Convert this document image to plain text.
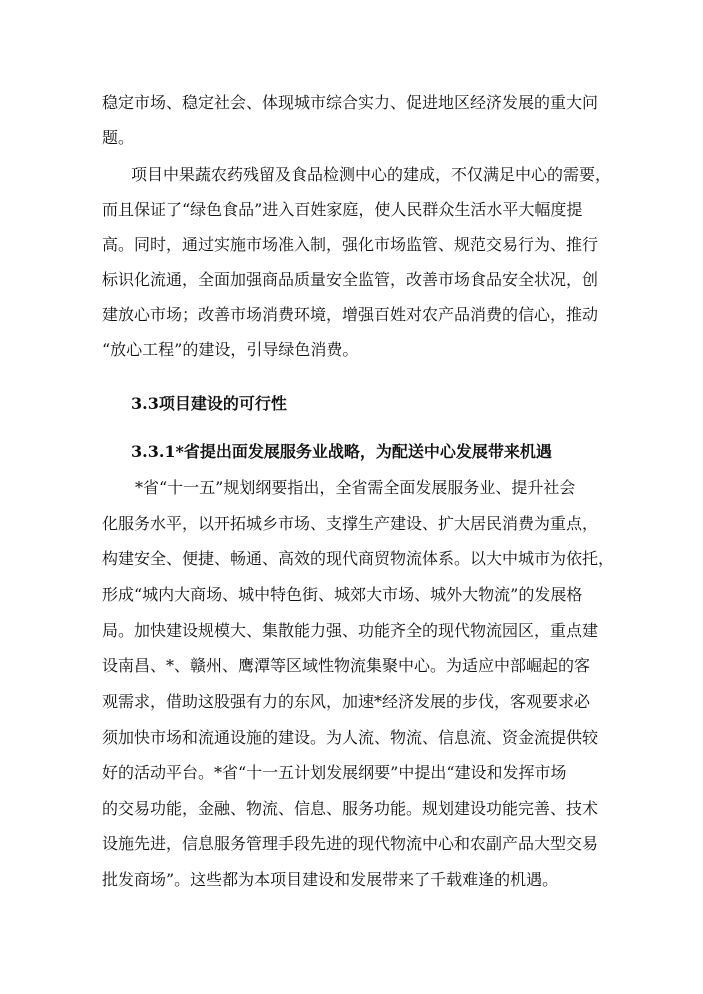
稳定市场、稳定社会、体现城市综合实力、促进地区经济发展的重大问
题。
项目中果蔬农药残留及食品检测中心的建成，不仅满足中心的需要，
而且保证了“绿色食品”进入百姓家庭，使人民群众生活水平大幅度提
高。同时，通过实施市场准入制，强化市场监管、规范交易行为、推行
标识化流通，全面加强商品质量安全监管，改善市场食品安全状况，创
建放心市场；改善市场消费环境，增强百姓对农产品消费的信心，推动
“放心工程”的建设，引导绿色消费。
3.3项目建设的可行性
3.3.1*省提出面发展服务业战略，为配送中心发展带来机遇
*省“十一五”规划纲要指出，全省需全面发展服务业、提升社会
化服务水平，以开拓城乡市场、支撑生产建设、扩大居民消费为重点，
构建安全、便捷、畅通、高效的现代商贸物流体系。以大中城市为依托，
形成“城内大商场、城中特色街、城郊大市场、城外大物流”的发展格
局。加快建设规模大、集散能力强、功能齐全的现代物流园区，重点建
设南昌、*、赣州、鹰潭等区域性物流集聚中心。为适应中部崛起的客
观需求，借助这股强有力的东风，加速*经济发展的步伐，客观要求必
须加快市场和流通设施的建设。为人流、物流、信息流、资金流提供较
好的活动平台。*省“十一五计划发展纲要”中提出“建设和发挥市场
的交易功能，金融、物流、信息、服务功能。规划建设功能完善、技术
设施先进，信息服务管理手段先进的现代物流中心和农副产品大型交易
批发商场”。这些都为本项目建设和发展带来了千载难逢的机遇。
